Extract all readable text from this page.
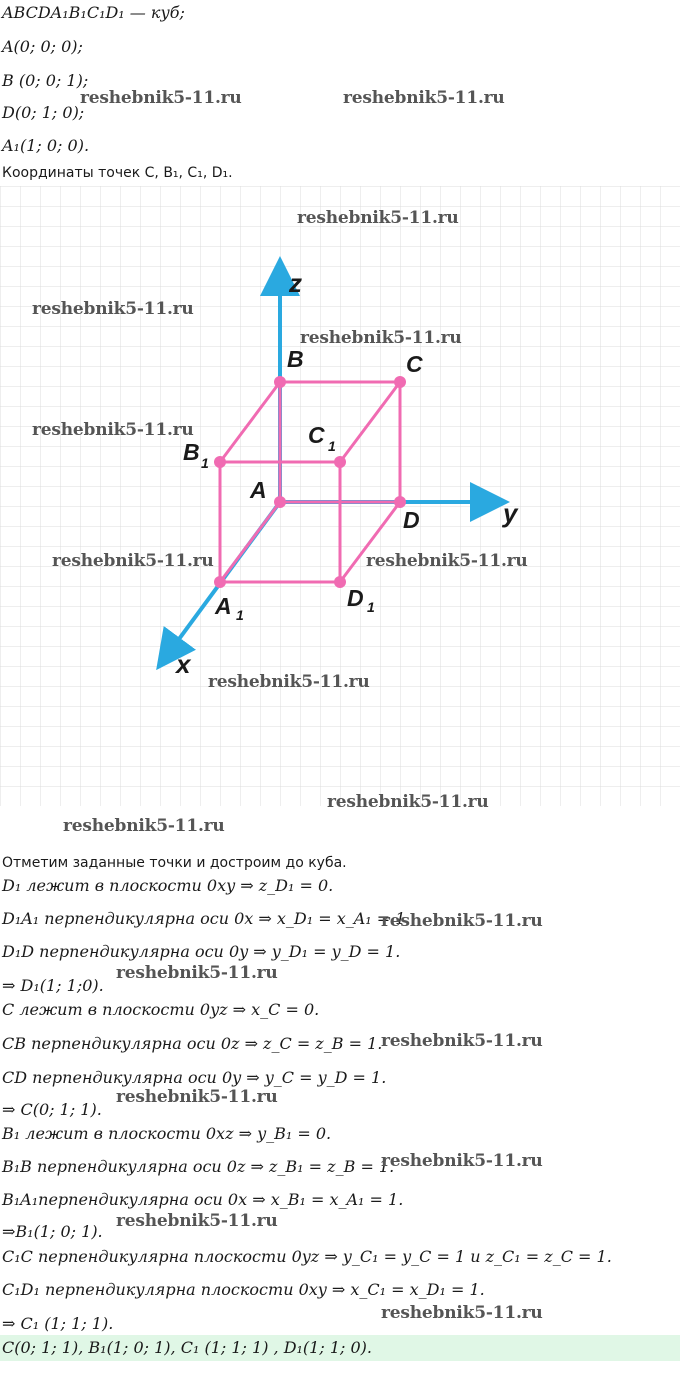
ABCDA₁B₁C₁D₁ — куб;
A(0; 0; 0);
B (0; 0; 1);
D(0; 1; 0);
A₁(1; 0; 0).
Координаты точек C, B₁, C₁, D₁.
z
y
x
B	C
B 1
C 1
A
D
A 1
D 1
Отметим заданные точки и достроим до куба.
D₁ лежит в плоскости 0xy ⇒ z_D₁ = 0.
D₁A₁ перпендикулярна оси 0x ⇒ x_D₁ = x_A₁ = 1.
D₁D перпендикулярна оси 0y ⇒ y_D₁ = y_D = 1.
⇒ D₁(1; 1;0).
C лежит в плоскости 0yz ⇒ x_C = 0.
CB перпендикулярна оси 0z ⇒ z_C = z_B = 1.
CD перпендикулярна оси 0y ⇒ y_C = y_D = 1.
⇒ C(0; 1; 1).
B₁ лежит в плоскости 0xz ⇒ y_B₁ = 0.
B₁B перпендикулярна оси 0z ⇒ z_B₁ = z_B = 1.
B₁A₁перпендикулярна оси 0x ⇒ x_B₁ = x_A₁ = 1.
⇒B₁(1; 0; 1).
C₁C перпендикулярна плоскости 0yz ⇒ y_C₁ = y_C = 1 и z_C₁ = z_C = 1.
C₁D₁ перпендикулярна плоскости 0xy ⇒ x_C₁ = x_D₁ = 1.
⇒ C₁ (1; 1; 1).
C(0; 1; 1), B₁(1; 0; 1), C₁ (1; 1; 1) , D₁(1; 1; 0).
reshebnik5-11.ru	reshebnik5-11.ru
reshebnik5-11.ru
reshebnik5-11.ru
reshebnik5-11.ru
reshebnik5-11.ru
reshebnik5-11.ru	reshebnik5-11.ru
reshebnik5-11.ru
reshebnik5-11.ru
reshebnik5-11.ru
reshebnik5-11.ru
reshebnik5-11.ru
reshebnik5-11.ru
reshebnik5-11.ru
reshebnik5-11.ru
reshebnik5-11.ru
reshebnik5-11.ru
